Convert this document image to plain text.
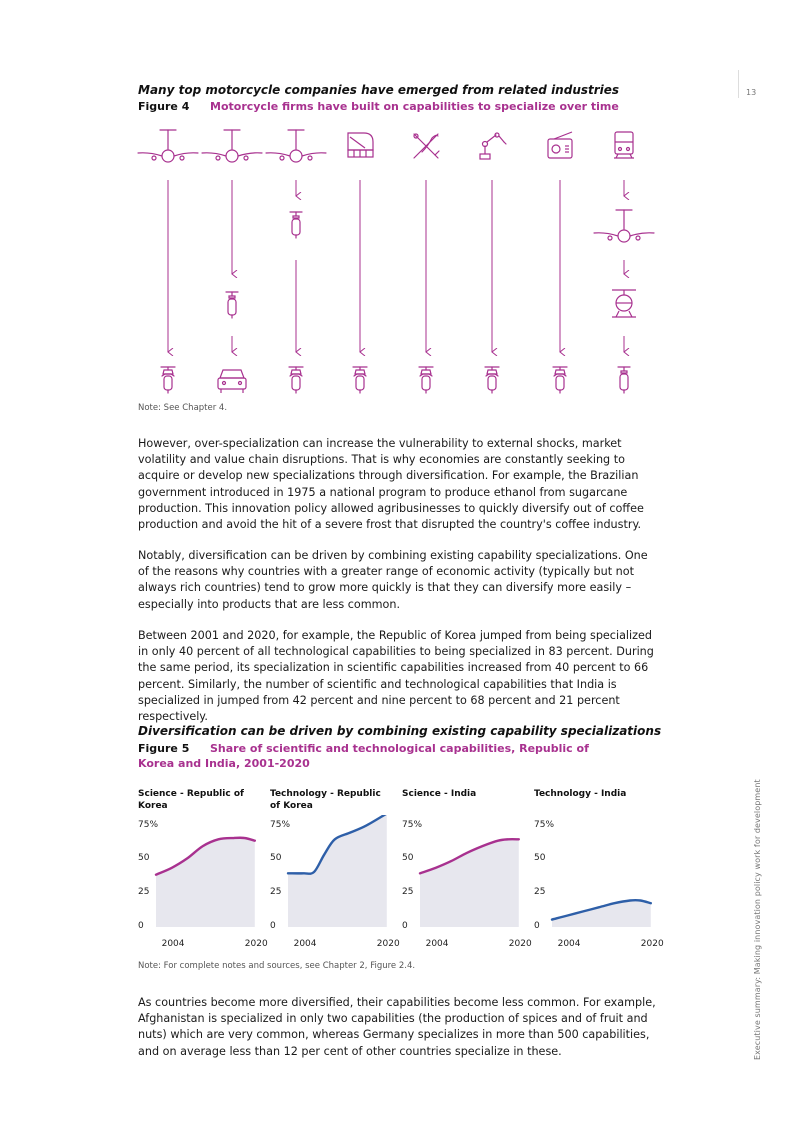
13
Executive summary: Making innovation policy work for development
Many top motorcycle companies have emerged from related industries
Figure 4 Motorcycle firms have built on capabilities to specialize over time
Note: See Chapter 4.

However, over-specialization can increase the vulnerability to external shocks, market volatility and value chain disruptions. That is why economies are constantly seeking to acquire or develop new specializations through diversification. For example, the Brazilian government introduced in 1975 a national program to produce ethanol from sugarcane production. This innovation policy allowed agribusinesses to quickly diversify out of coffee production and avoid the hit of a severe frost that disrupted the country's coffee industry.

Notably, diversification can be driven by combining existing capability specializations. One of the reasons why countries with a greater range of economic activity (typically but not always rich countries) tend to grow more quickly is that they can diversify more easily – especially into products that are less common.

Between 2001 and 2020, for example, the Republic of Korea jumped from being specialized in only 40 percent of all technological capabilities to being specialized in 83 percent. During the same period, its specialization in scientific capabilities increased from 40 percent to 66 percent. Similarly, the number of scientific and technological capabilities that India is specialized in jumped from 42 percent and nine percent to 68 percent and 21 percent respectively.

Diversification can be driven by combining existing capability specializations
Figure 5 Share of scientific and technological capabilities, Republic of Korea and India, 2001-2020
Science - Republic of Korea
Technology - Republic of Korea
Science - India	Technology - India
75%
50
25
0
2004	2020
75%
50
25
0
2004	2020
75%
50
25
0
2004	2020
75%
50
25
0
2004	2020
Note: For complete notes and sources, see Chapter 2, Figure 2.4.

As countries become more diversified, their capabilities become less common. For example, Afghanistan is specialized in only two capabilities (the production of spices and of fruit and nuts) which are very common, whereas Germany specializes in more than 500 capabilities, and on average less than 12 per cent of other countries specialize in these.
